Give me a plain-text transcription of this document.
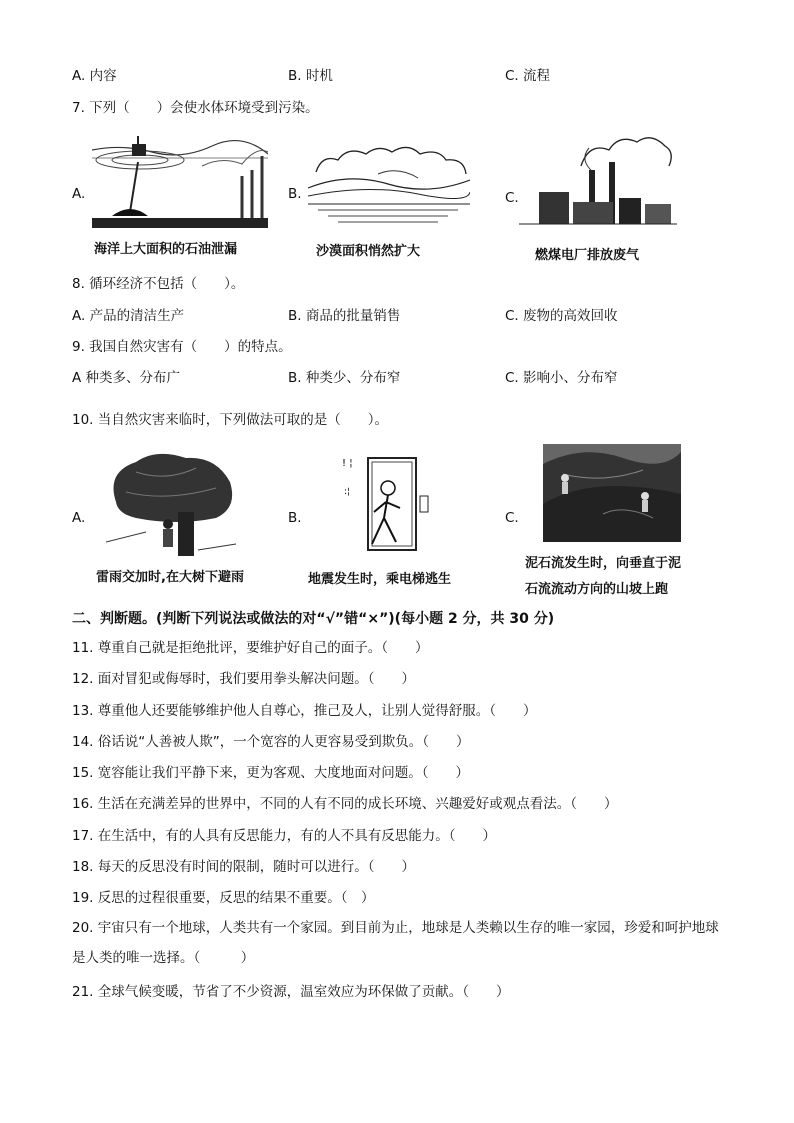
A. 内容	B. 时机	C. 流程
7. 下列（　　）会使水体环境受到污染。
A.
海洋上大面积的石油泄漏
B.
沙漠面积悄然扩大
C.
燃煤电厂排放废气
8. 循环经济不包括（　　）。
A. 产品的清洁生产	B. 商品的批量销售	C. 废物的高效回收
9. 我国自然灾害有（　　）的特点。
A 种类多、分布广	B. 种类少、分布窄	C. 影响小、分布窄
10. 当自然灾害来临时，下列做法可取的是（　　）。
A.
雷雨交加时,在大树下避雨
B.
! ¦
:¦
地震发生时，乘电梯逃生
C.
泥石流发生时，向垂直于泥
石流流动方向的山坡上跑
二、判断题。(判断下列说法或做法的对“√”错“×”)(每小题 2 分，共 30 分)
11. 尊重自己就是拒绝批评，要维护好自己的面子。（　　）
12. 面对冒犯或侮辱时，我们要用拳头解决问题。（　　）
13. 尊重他人还要能够维护他人自尊心，推己及人，让别人觉得舒服。（　　）
14. 俗话说“人善被人欺”，一个宽容的人更容易受到欺负。（　　）
15. 宽容能让我们平静下来，更为客观、大度地面对问题。（　　）
16. 生活在充满差异的世界中，不同的人有不同的成长环境、兴趣爱好或观点看法。（　　）
17. 在生活中，有的人具有反思能力，有的人不具有反思能力。（　　）
18. 每天的反思没有时间的限制，随时可以进行。（　　）
19. 反思的过程很重要，反思的结果不重要。（　）
20. 宇宙只有一个地球，人类共有一个家园。到目前为止，地球是人类赖以生存的唯一家园，珍爱和呵护地球是人类的唯一选择。（　　　）
21. 全球气候变暖，节省了不少资源，温室效应为环保做了贡献。（　　）
